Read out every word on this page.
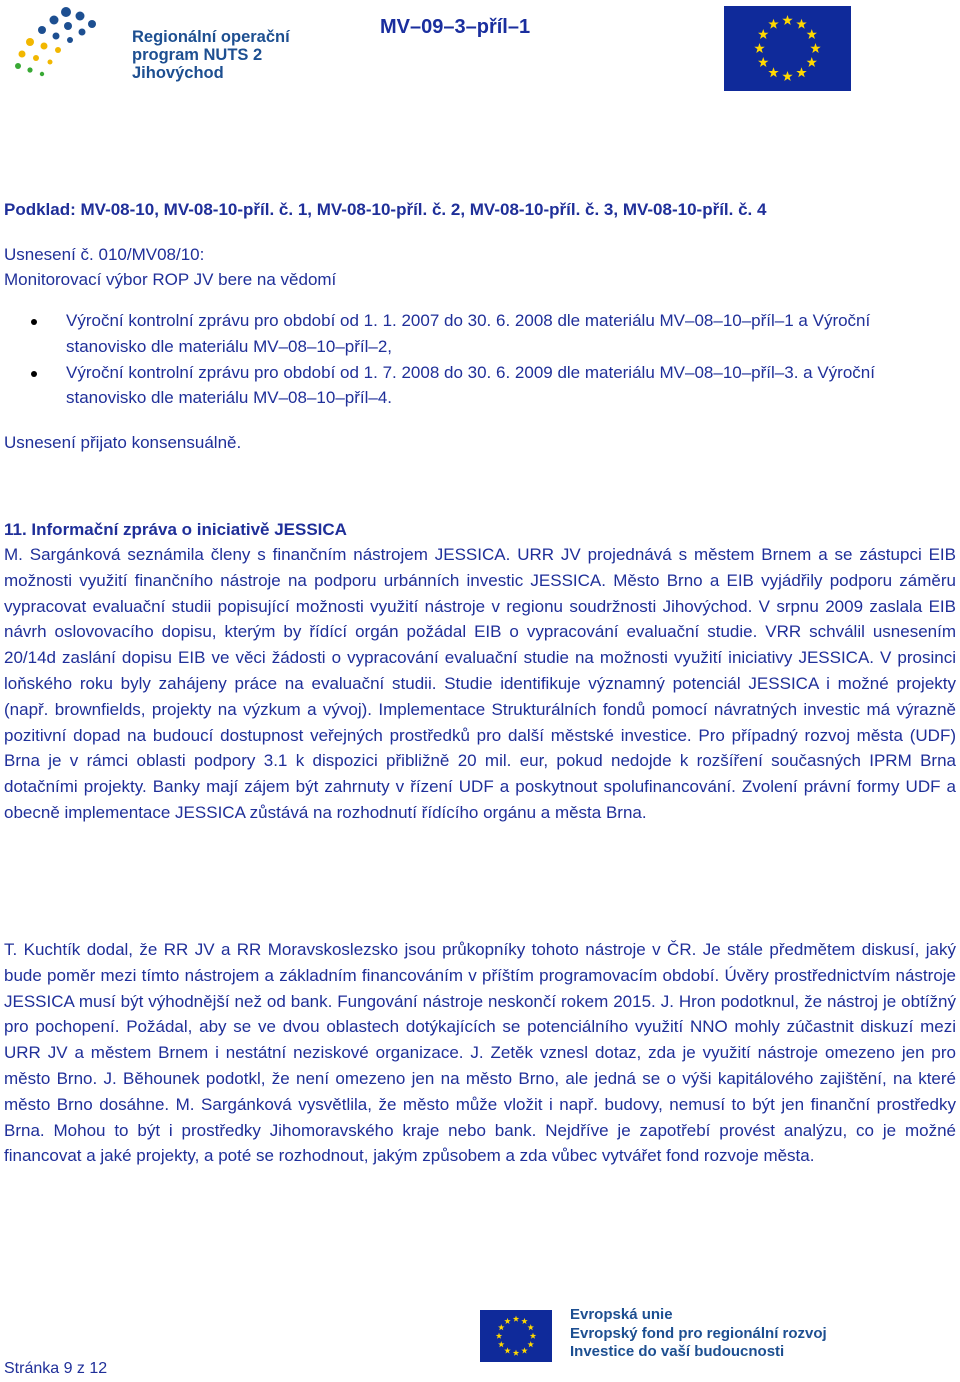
Regionální operační
program NUTS 2
Jihovýchod
MV–09–3–příl–1
Podklad: MV-08-10, MV-08-10-příl. č. 1, MV-08-10-příl. č. 2, MV-08-10-příl. č. 3, MV-08-10-příl. č. 4
Usnesení č. 010/MV08/10:
Monitorovací výbor ROP JV bere na vědomí
Výroční kontrolní zprávu pro období od 1. 1. 2007 do 30. 6. 2008 dle materiálu MV–08–10–příl–1 a Výroční stanovisko dle materiálu MV–08–10–příl–2,
Výroční kontrolní zprávu pro období od 1. 7. 2008 do 30. 6. 2009 dle materiálu MV–08–10–příl–3. a Výroční stanovisko dle materiálu MV–08–10–příl–4.
Usnesení přijato konsensuálně.
11. Informační zpráva o iniciativě JESSICA

M. Sargánková seznámila členy s finančním nástrojem JESSICA. URR JV projednává s městem Brnem a se zástupci EIB možnosti využití finančního nástroje na podporu urbánních investic JESSICA. Město Brno a EIB vyjádřily podporu záměru vypracovat evaluační studii popisující možnosti využití nástroje v regionu soudržnosti Jihovýchod. V srpnu 2009 zaslala EIB návrh oslovovacího dopisu, kterým by řídící orgán požádal EIB o vypracování evaluační studie. VRR schválil usnesením 20/14d zaslání dopisu EIB ve věci žádosti o vypracování evaluační studie na možnosti využití iniciativy JESSICA. V prosinci loňského roku byly zahájeny práce na evaluační studii. Studie identifikuje významný potenciál JESSICA i možné projekty (např. brownfields, projekty na výzkum a vývoj). Implementace Strukturálních fondů pomocí návratných investic má výrazně pozitivní dopad na budoucí dostupnost veřejných prostředků pro další městské investice. Pro případný rozvoj města (UDF) Brna je v rámci oblasti podpory 3.1 k dispozici přibližně 20 mil. eur, pokud nedojde k rozšíření současných IPRM Brna dotačními projekty. Banky mají zájem být zahrnuty v řízení UDF a poskytnout spolufinancování. Zvolení právní formy UDF a obecně implementace JESSICA zůstává na rozhodnutí řídícího orgánu a města Brna.

T. Kuchtík dodal, že RR JV a RR Moravskoslezsko jsou průkopníky tohoto nástroje v ČR. Je stále předmětem diskusí, jaký bude poměr mezi tímto nástrojem a základním financováním v příštím programovacím období. Úvěry prostřednictvím nástroje JESSICA musí být výhodnější než od bank. Fungování nástroje neskončí rokem 2015. J. Hron podotknul, že nástroj je obtížný pro pochopení. Požádal, aby se ve dvou oblastech dotýkajících se potenciálního využití NNO mohly zúčastnit diskuzí mezi URR JV a městem Brnem i nestátní neziskové organizace. J. Zetěk vznesl dotaz, zda je využití nástroje omezeno jen pro město Brno. J. Běhounek podotkl, že není omezeno jen na město Brno, ale jedná se o výši kapitálového zajištění, na které město Brno dosáhne. M. Sargánková vysvětlila, že město může vložit i např. budovy, nemusí to být jen finanční prostředky Brna. Mohou to být i prostředky Jihomoravského kraje nebo bank. Nejdříve je zapotřebí provést analýzu, co je možné financovat a jaké projekty, a poté se rozhodnout, jakým způsobem a zda vůbec vytvářet fond rozvoje města.

Evropská unie
Evropský fond pro regionální rozvoj
Investice do vaší budoucnosti
Stránka 9 z 12
